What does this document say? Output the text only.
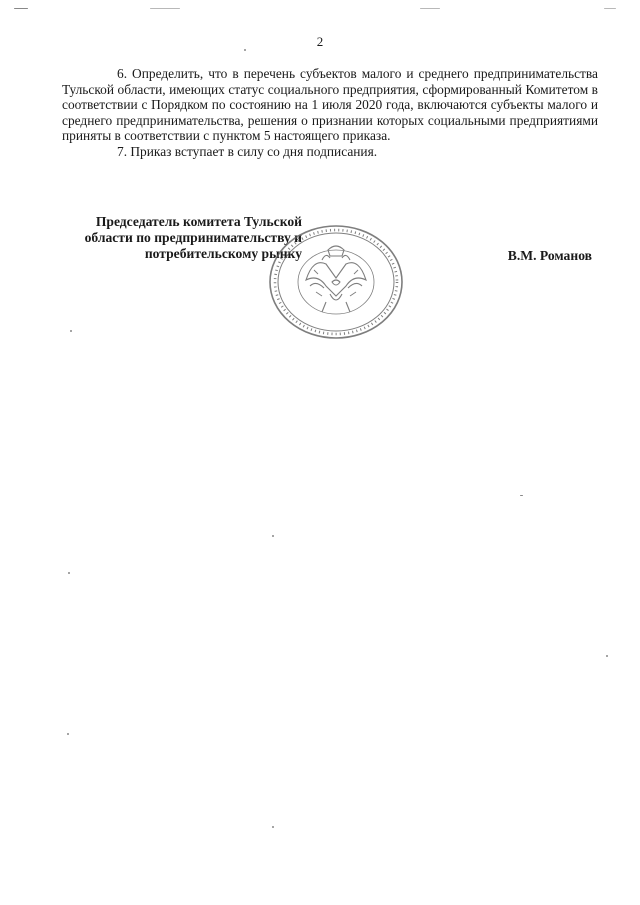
2

6. Определить, что в перечень субъектов малого и среднего предпринимательства Тульской области, имеющих статус социального предприятия, сформированный Комитетом в соответствии с Порядком по состоянию на 1 июля 2020 года, включаются субъекты малого и среднего предпринимательства, решения о признании которых социальными предприятиями приняты в соответствии с пунктом 5 настоящего приказа.

7. Приказ вступает в силу со дня подписания.

Председатель комитета Тульской
области по предпринимательству и
потребительскому рынку	В.М. Романов
